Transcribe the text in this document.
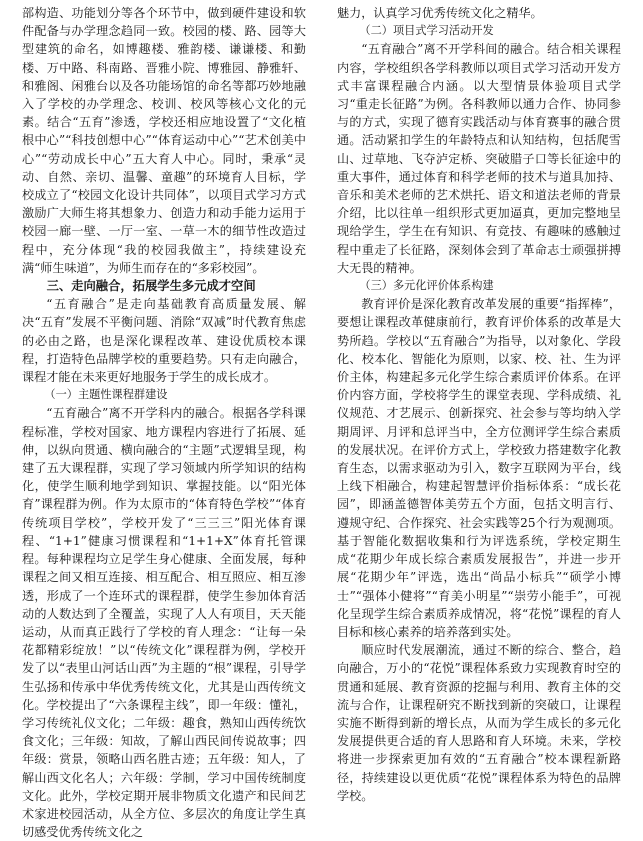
部构造、功能划分等各个环节中，做到硬件建设和软件配备与办学理念趋同一致。校园的楼、路、园等大型建筑的命名，如博趣楼、雅韵楼、谦谦楼、和勤楼、万中路、科南路、晋雅小院、博雅园、静雅轩、和雅阁、闲雅台以及各功能场馆的命名等都巧妙地融入了学校的办学理念、校训、校风等核心文化的元素。结合“五育”渗透，学校还相应地设置了“文化植根中心”“科技创想中心”“体育运动中心”“艺术创美中心”“劳动成长中心”五大育人中心。同时，秉承“灵动、自然、亲切、温馨、童趣”的环境育人目标，学校成立了“校园文化设计共同体”，以项目式学习方式激励广大师生将其想象力、创造力和动手能力运用于校园一廊一壁、一厅一室、一草一木的细节性改造过程中，充分体现“我的校园我做主”，持续建设充满“师生味道”，为师生而存在的“多彩校园”。

三、走向融合，拓展学生多元成才空间

“五育融合”是走向基础教育高质量发展、解决“五育”发展不平衡问题、消除“双减”时代教育焦虑的必由之路，也是深化课程改革、建设优质校本课程，打造特色品牌学校的重要趋势。只有走向融合，课程才能在未来更好地服务于学生的成长成才。

（一）主题性课程群建设

“五育融合”离不开学科内的融合。根据各学科课程标准，学校对国家、地方课程内容进行了拓展、延伸，以纵向贯通、横向融合的“主题”式逻辑呈现，构建了五大课程群，实现了学习领域内所学知识的结构化，使学生顺利地学到知识、掌握技能。以“阳光体育”课程群为例。作为太原市的“体育特色学校”“体育传统项目学校”，学校开发了“三三三”阳光体育课程、“1+1”健康习惯课程和“1+1+X”体育托管课程。每种课程均立足学生身心健康、全面发展，每种课程之间又相互连接、相互配合、相互照应、相互渗透，形成了一个连环式的课程群，使学生参加体育活动的人数达到了全覆盖，实现了人人有项目，天天能运动，从而真正践行了学校的育人理念：“让每一朵花都精彩绽放！”以“传统文化”课程群为例，学校开发了以“表里山河话山西”为主题的“根”课程，引导学生弘扬和传承中华优秀传统文化，尤其是山西传统文化。学校提出了“六条课程主线”，即一年级：懂礼，学习传统礼仪文化；二年级：趣食，熟知山西传统饮食文化；三年级：知故，了解山西民间传说故事；四年级：赏景，领略山西名胜古迹；五年级：知人，了解山西文化名人；六年级：学制，学习中国传统制度文化。此外，学校定期开展非物质文化遗产和民间艺术家进校园活动，从全方位、多层次的角度让学生真切感受优秀传统文化之

魅力，认真学习优秀传统文化之精华。

（二）项目式学习活动开发

“五育融合”离不开学科间的融合。结合相关课程内容，学校组织各学科教师以项目式学习活动开发方式丰富课程融合内涵。以大型情景体验项目式学习“重走长征路”为例。各科教师以通力合作、协同参与的方式，实现了德育实践活动与体育赛事的融合贯通。活动紧扣学生的年龄特点和认知结构，包括爬雪山、过草地、飞夺泸定桥、突破腊子口等长征途中的重大事件，通过体育和科学老师的技术与道具加持、音乐和美术老师的艺术烘托、语文和道法老师的背景介绍，比以往单一组织形式更加逼真，更加完整地呈现给学生，学生在有知识、有竞技、有趣味的感触过程中重走了长征路，深刻体会到了革命志士顽强拼搏大无畏的精神。

（三）多元化评价体系构建

教育评价是深化教育改革发展的重要“指挥棒”，要想让课程改革健康前行，教育评价体系的改革是大势所趋。学校以“五育融合”为指导，以对象化、学段化、校本化、智能化为原则，以家、校、社、生为评价主体，构建起多元化学生综合素质评价体系。在评价内容方面，学校将学生的课堂表现、学科成绩、礼仪规范、才艺展示、创新探究、社会参与等均纳入学期周评、月评和总评当中，全方位测评学生综合素质的发展状况。在评价方式上，学校致力搭建数字化教育生态，以需求驱动为引入，数字互联网为平台，线上线下相融合，构建起智慧评价指标体系：“成长花园”，即涵盖德智体美劳五个方面，包括文明言行、遵规守纪、合作探究、社会实践等25个行为观测项。基于智能化数据收集和行为评选系统，学校定期生成“花期少年成长综合素质发展报告”，并进一步开展“花期少年”评选，选出“尚品小标兵”“硕学小博士”“强体小健将”“育美小明星”“崇劳小能手”，可视化呈现学生综合素质养成情况，将“花悦”课程的育人目标和核心素养的培养落到实处。

顺应时代发展潮流，通过不断的综合、整合，趋向融合，万小的“花悦”课程体系致力实现教育时空的贯通和延展、教育资源的挖掘与利用、教育主体的交流与合作，让课程研究不断找到新的突破口，让课程实施不断得到新的增长点，从而为学生成长的多元化发展提供更合适的育人思路和育人环境。未来，学校将进一步探索更加有效的“五育融合”校本课程新路径，持续建设以更优质“花悦”课程体系为特色的品牌学校。
